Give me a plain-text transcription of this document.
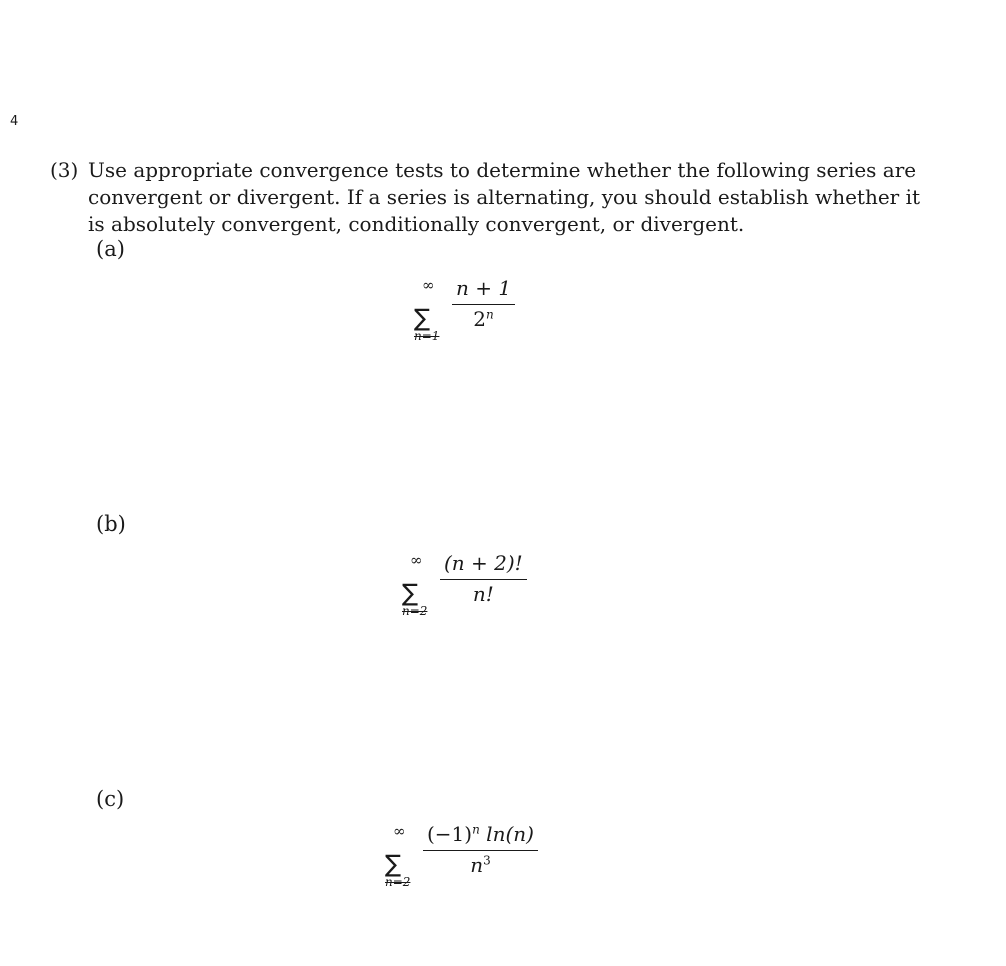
4
(3) Use appropriate convergence tests to determine whether the following series are convergent or divergent. If a series is alternating, you should establish whether it is absolutely convergent, conditionally convergent, or divergent.
(a)
∞
∑
n=1
n + 1
2$^n$
(b)
∞
∑
n=2
(n + 2)!
n!
(c)
∞
∑
n=2
$(-1)^n$ ln(n)
$n^3$
